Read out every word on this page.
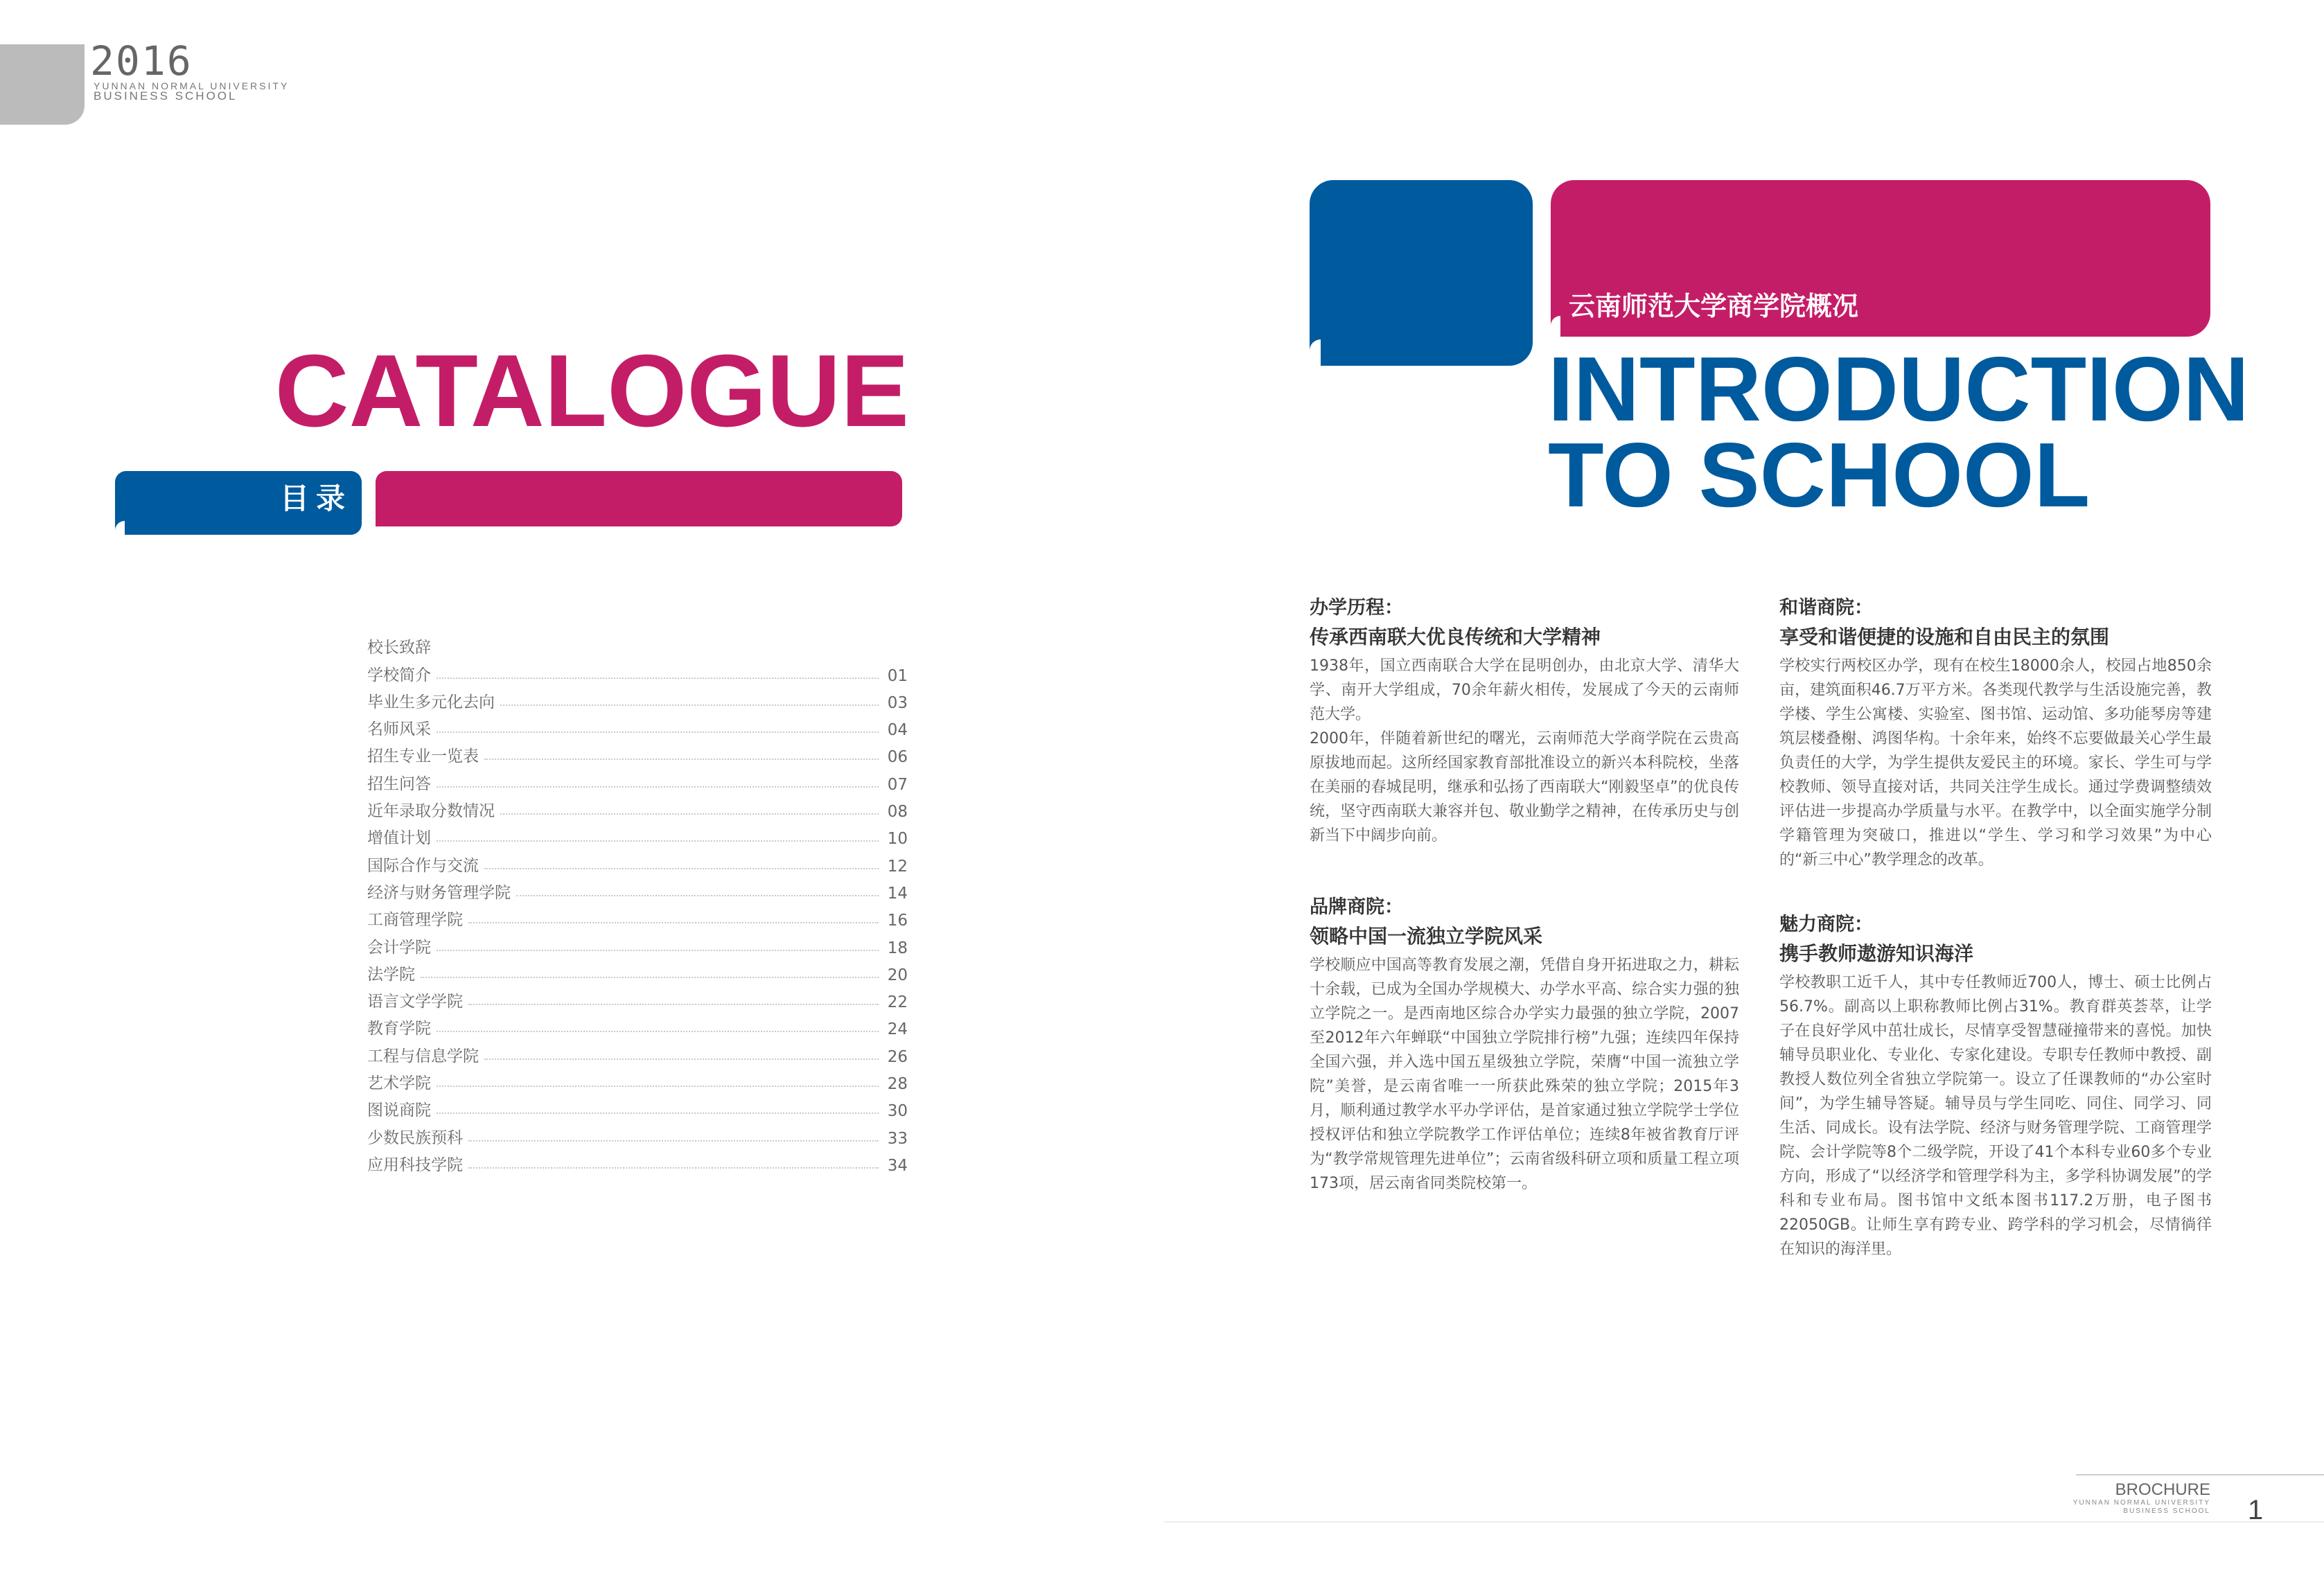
2016
YUNNAN NORMAL UNIVERSITY
BUSINESS SCHOOL
CATALOGUE
目录
校长致辞
学校简介	01
毕业生多元化去向	03
名师风采	04
招生专业一览表	06
招生问答	07
近年录取分数情况	08
增值计划	10
国际合作与交流	12
经济与财务管理学院	14
工商管理学院	16
会计学院	18
法学院	20
语言文学学院	22
教育学院	24
工程与信息学院	26
艺术学院	28
图说商院	30
少数民族预科	33
应用科技学院	34
云南师范大学商学院概况
INTRODUCTION
TO SCHOOL
办学历程：
传承西南联大优良传统和大学精神

1938年，国立西南联合大学在昆明创办，由北京大学、清华大学、南开大学组成，70余年薪火相传，发展成了今天的云南师范大学。

2000年，伴随着新世纪的曙光，云南师范大学商学院在云贵高原拔地而起。这所经国家教育部批准设立的新兴本科院校，坐落在美丽的春城昆明，继承和弘扬了西南联大“刚毅坚卓”的优良传统，坚守西南联大兼容并包、敬业勤学之精神，在传承历史与创新当下中阔步向前。

品牌商院：
领略中国一流独立学院风采

学校顺应中国高等教育发展之潮，凭借自身开拓进取之力，耕耘十余载，已成为全国办学规模大、办学水平高、综合实力强的独立学院之一。是西南地区综合办学实力最强的独立学院，2007至2012年六年蝉联“中国独立学院排行榜”九强；连续四年保持全国六强，并入选中国五星级独立学院，荣膺“中国一流独立学院”美誉，是云南省唯一一所获此殊荣的独立学院；2015年3月，顺利通过教学水平办学评估，是首家通过独立学院学士学位授权评估和独立学院教学工作评估单位；连续8年被省教育厅评为“教学常规管理先进单位”；云南省级科研立项和质量工程立项173项，居云南省同类院校第一。

和谐商院：
享受和谐便捷的设施和自由民主的氛围

学校实行两校区办学，现有在校生18000余人，校园占地850余亩，建筑面积46.7万平方米。各类现代教学与生活设施完善，教学楼、学生公寓楼、实验室、图书馆、运动馆、多功能琴房等建筑层楼叠榭、鸿图华构。十余年来，始终不忘要做最关心学生最负责任的大学，为学生提供友爱民主的环境。家长、学生可与学校教师、领导直接对话，共同关注学生成长。通过学费调整绩效评估进一步提高办学质量与水平。在教学中，以全面实施学分制学籍管理为突破口，推进以“学生、学习和学习效果”为中心的“新三中心”教学理念的改革。

魅力商院：
携手教师遨游知识海洋

学校教职工近千人，其中专任教师近700人，博士、硕士比例占56.7%。副高以上职称教师比例占31%。教育群英荟萃，让学子在良好学风中茁壮成长，尽情享受智慧碰撞带来的喜悦。加快辅导员职业化、专业化、专家化建设。专职专任教师中教授、副教授人数位列全省独立学院第一。设立了任课教师的“办公室时间”，为学生辅导答疑。辅导员与学生同吃、同住、同学习、同生活、同成长。设有法学院、经济与财务管理学院、工商管理学院、会计学院等8个二级学院，开设了41个本科专业60多个专业方向，形成了“以经济学和管理学科为主，多学科协调发展”的学科和专业布局。图书馆中文纸本图书117.2万册，电子图书22050GB。让师生享有跨专业、跨学科的学习机会，尽情徜徉在知识的海洋里。

BROCHURE
YUNNAN NORMAL UNIVERSITY
BUSINESS SCHOOL 1
